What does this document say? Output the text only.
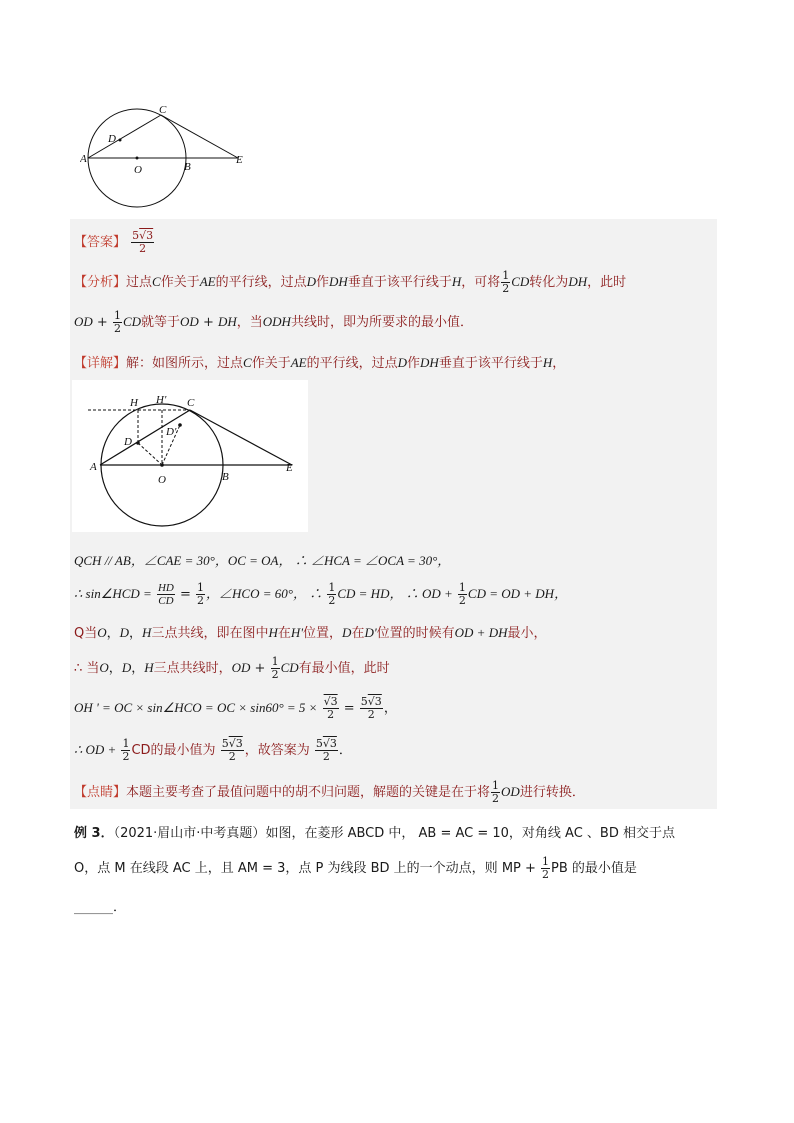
A
C
D
O	B
E
【答案】 $\frac{5√3}{2}$
【分析】过点C作关于AE的平行线，过点D作DH垂直于该平行线于H，可将 $\frac{1}{2}$ CD转化为DH，此时
OD + $\frac{1}{2}$ CD就等于OD + DH，当ODH共线时，即为所要求的最小值．
【详解】解：如图所示，过点C作关于AE的平行线，过点D作DH垂直于该平行线于H，
H H' C
D
D'
A
O	B
E
QCH // AB，∠CAE = 30°，OC = OA， ∴ ∠HCA = ∠OCA = 30°，
∴ sin∠HCD = $\frac{HD}{CD} = \frac{1}{2}$ ，∠HCO = 60°， ∴ $\frac{1}{2}$ CD = HD， ∴ OD + $\frac{1}{2}$ CD = OD + DH，
Q当O，D，H三点共线，即在图中H在H'位置，D在D'位置的时候有OD + DH最小，
∴ 当O，D，H三点共线时，OD + $\frac{1}{2}$ CD有最小值，此时
OH ' = OC × sin∠HCO = OC × $\sin 60^\circ = 5 \times \frac{√3}{2} = \frac{5√3}{2}$ ，
∴ OD + $\frac{1}{2}$ CD的最小值为 $\frac{5√3}{2}$ ，故答案为 $\frac{5√3}{2}$ ．
【点睛】本题主要考查了最值问题中的胡不归问题，解题的关键是在于将 $\frac{1}{2}$ OD进行转换．
例 3．（2021·眉山市·中考真题）如图，在菱形 ABCD 中， AB = AC = 10，对角线 AC 、BD 相交于点
O，点 M 在线段 AC 上，且 AM = 3，点 P 为线段 BD 上的一个动点，则 MP + $\frac{1}{2}$ PB 的最小值是
______．
